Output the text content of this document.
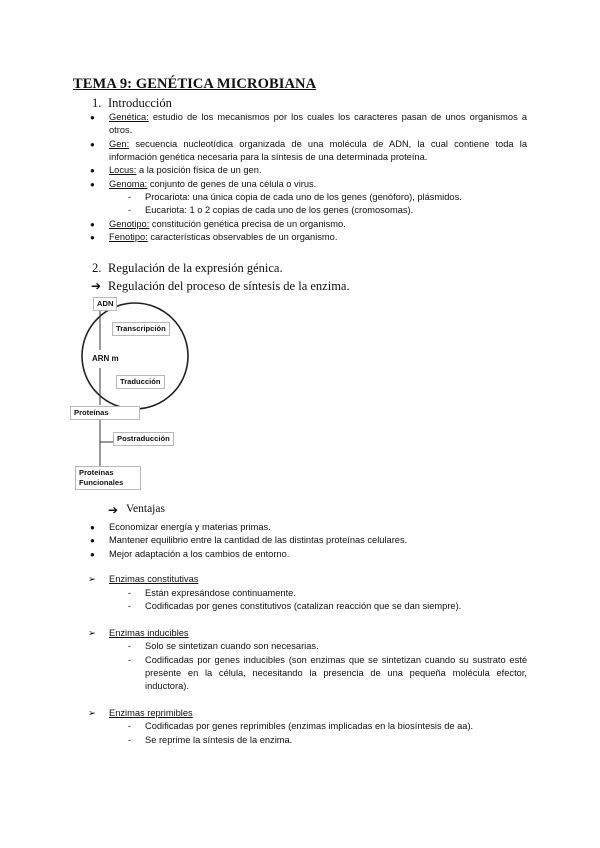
TEMA 9: GENÉTICA MICROBIANA
1. Introducción
● Genética: estudio de los mecanismos por los cuales los caracteres pasan de unos organismos a otros.
● Gen: secuencia nucleotídica organizada de una molécula de ADN, la cual contiene toda la información genética necesaria para la síntesis de una determinada proteína.
● Locus: a la posición física de un gen.
● Genoma: conjunto de genes de una célula o virus.
- Procariota: una única copia de cada uno de los genes (genóforo), plásmidos.
- Eucariota: 1 o 2 copias de cada uno de los genes (cromosomas).
● Genotipo: constitución genética precisa de un organismo.
● Fenotipo: características observables de un organismo.
2. Regulación de la expresión génica.
➔ Regulación del proceso de síntesis de la enzima.
ADN
Transcripción
ARN m
Traducción
Proteínas
Postraducción
Proteínas
Funcionales
➔ Ventajas
● Economizar energía y materias primas.
● Mantener equilibrio entre la cantidad de las distintas proteínas celulares.
● Mejor adaptación a los cambios de entorno.
➢ Enzimas constitutivas
- Están expresándose continuamente.
- Codificadas por genes constitutivos (catalizan reacción que se dan siempre).
➢ Enzimas inducibles
- Solo se sintetizan cuando son necesarias.
- Codificadas por genes inducibles (son enzimas que se sintetizan cuando su sustrato esté presente en la célula, necesitando la presencia de una pequeña molécula efector, inductora).
➢ Enzimas reprimibles
- Codificadas por genes reprimibles (enzimas implicadas en la biosíntesis de aa).
- Se reprime la síntesis de la enzima.
